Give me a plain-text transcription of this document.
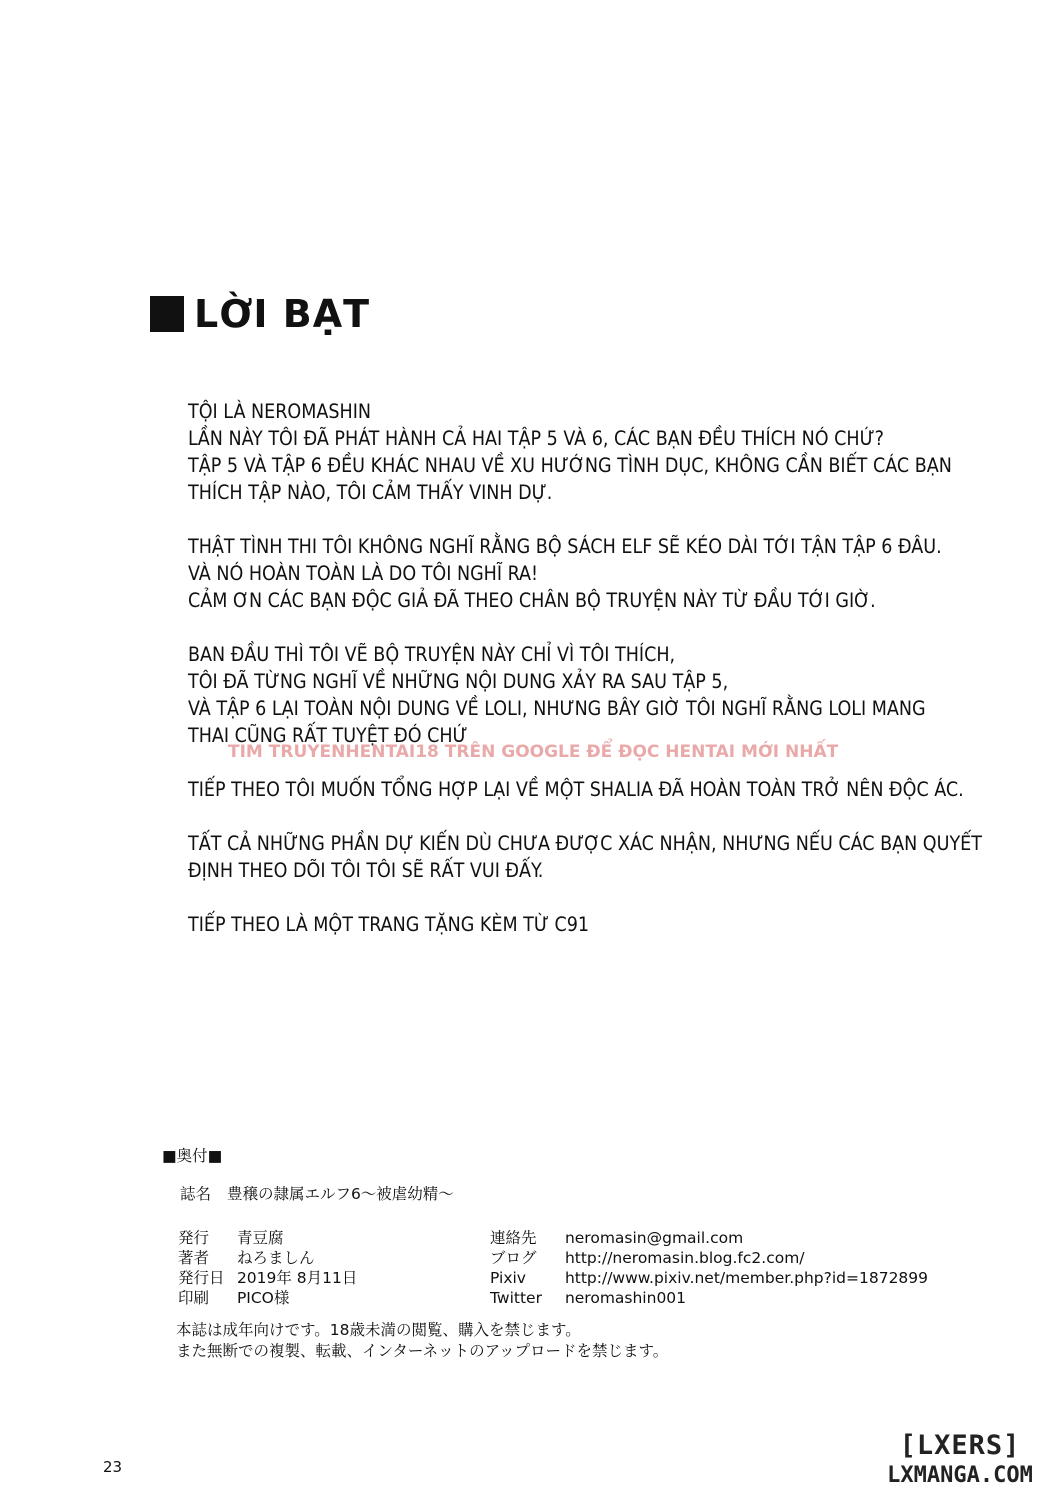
LỜI BẠT
TỘI LÀ NEROMASHIN
LẦN NÀY TÔI ĐÃ PHÁT HÀNH CẢ HAI TẬP 5 VÀ 6, CÁC BẠN ĐỀU THÍCH NÓ CHỨ?
TẬP 5 VÀ TẬP 6 ĐỀU KHÁC NHAU VỀ XU HƯỚNG TÌNH DỤC, KHÔNG CẦN BIẾT CÁC BẠN
THÍCH TẬP NÀO, TÔI CẢM THẤY VINH DỰ.
THẬT TÌNH THI TÔI KHÔNG NGHĨ RẰNG BỘ SÁCH ELF SẼ KÉO DÀI TỚI TẬN TẬP 6 ĐÂU.
VÀ NÓ HOÀN TOÀN LÀ DO TÔI NGHĨ RA!
CẢM ƠN CÁC BẠN ĐỘC GIẢ ĐÃ THEO CHÂN BỘ TRUYỆN NÀY TỪ ĐẦU TỚI GIỜ.
BAN ĐẦU THÌ TÔI VẼ BỘ TRUYỆN NÀY CHỈ VÌ TÔI THÍCH,
TÔI ĐÃ TỪNG NGHĨ VỀ NHỮNG NỘI DUNG XẢY RA SAU TẬP 5,
VÀ TẬP 6 LẠI TOÀN NỘI DUNG VỀ LOLI, NHƯNG BÂY GIỜ TÔI NGHĨ RẰNG LOLI MANG
THAI CŨNG RẤT TUYỆT ĐÓ CHỨ
TIẾP THEO TÔI MUỐN TỔNG HỢP LẠI VỀ MỘT SHALIA ĐÃ HOÀN TOÀN TRỞ NÊN ĐỘC ÁC.
TẤT CẢ NHỮNG PHẦN DỰ KIẾN DÙ CHƯA ĐƯỢC XÁC NHẬN, NHƯNG NẾU CÁC BẠN QUYẾT
ĐỊNH THEO DÕI TÔI TÔI SẼ RẤT VUI ĐẤY.
TIẾP THEO LÀ MỘT TRANG TẶNG KÈM TỪ C91
TIM TRUYENHENTAI18 TRÊN GOOGLE ĐỂ ĐỌC HENTAI MỚI NHẤT
■奥付■
誌名 豊穣の隷属エルフ6〜被虐幼精〜
発行 青豆腐
著者 ねろましん
発行日 2019年 8月11日
印刷 PICO様
連絡先 neromasin@gmail.com
ブログ http://neromasin.blog.fc2.com/
Pixiv	http://www.pixiv.net/member.php?id=1872899
Twitter neromashin001
本誌は成年向けです。18歳未満の閲覧、購入を禁じます。
また無断での複製、転載、インターネットのアップロードを禁じます。
23
[LXERS]
LXMANGA.COM
